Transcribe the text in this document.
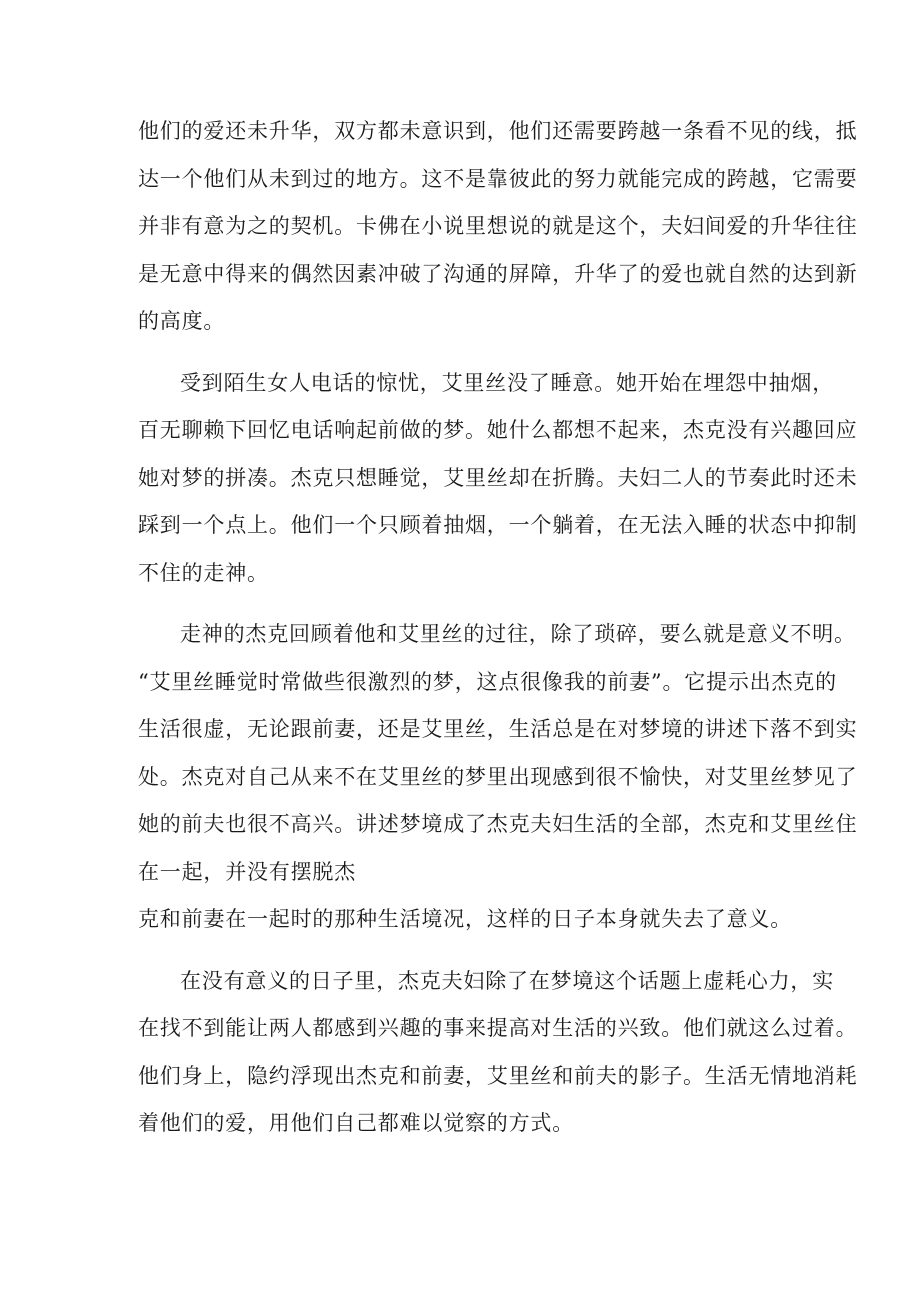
他们的爱还未升华，双方都未意识到，他们还需要跨越一条看不见的线，抵
达一个他们从未到过的地方。这不是靠彼此的努力就能完成的跨越，它需要
并非有意为之的契机。卡佛在小说里想说的就是这个，夫妇间爱的升华往往
是无意中得来的偶然因素冲破了沟通的屏障，升华了的爱也就自然的达到新
的高度。
受到陌生女人电话的惊忧，艾里丝没了睡意。她开始在埋怨中抽烟，
百无聊赖下回忆电话响起前做的梦。她什么都想不起来，杰克没有兴趣回应
她对梦的拼凑。杰克只想睡觉，艾里丝却在折腾。夫妇二人的节奏此时还未
踩到一个点上。他们一个只顾着抽烟，一个躺着，在无法入睡的状态中抑制
不住的走神。
走神的杰克回顾着他和艾里丝的过往，除了琐碎，要么就是意义不明。
“艾里丝睡觉时常做些很激烈的梦，这点很像我的前妻”。它提示出杰克的
生活很虚，无论跟前妻，还是艾里丝，生活总是在对梦境的讲述下落不到实
处。杰克对自己从来不在艾里丝的梦里出现感到很不愉快，对艾里丝梦见了
她的前夫也很不高兴。讲述梦境成了杰克夫妇生活的全部，杰克和艾里丝住
在一起，并没有摆脱杰
克和前妻在一起时的那种生活境况，这样的日子本身就失去了意义。
在没有意义的日子里，杰克夫妇除了在梦境这个话题上虚耗心力，实
在找不到能让两人都感到兴趣的事来提高对生活的兴致。他们就这么过着。
他们身上，隐约浮现出杰克和前妻，艾里丝和前夫的影子。生活无情地消耗
着他们的爱，用他们自己都难以觉察的方式。
